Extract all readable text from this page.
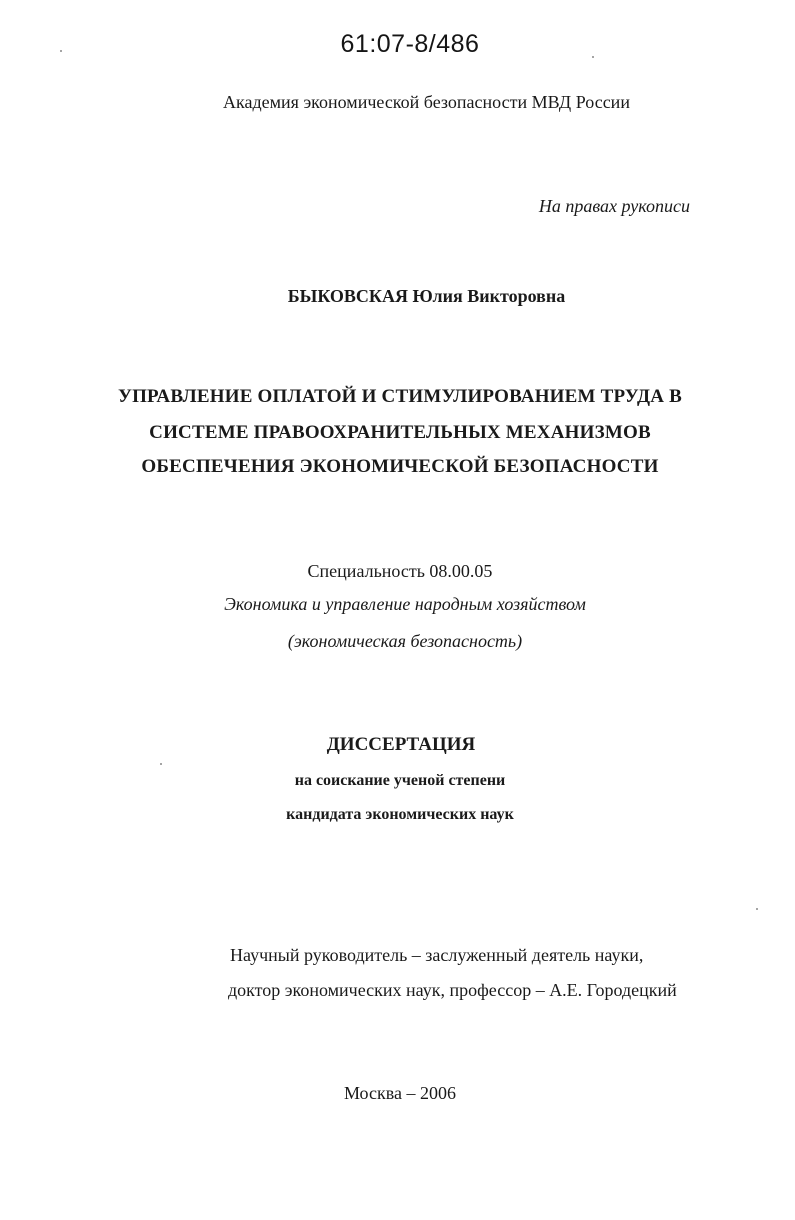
61:07-8/486
Академия экономической безопасности МВД России
На правах рукописи
БЫКОВСКАЯ Юлия Викторовна
УПРАВЛЕНИЕ ОПЛАТОЙ И СТИМУЛИРОВАНИЕМ ТРУДА В
СИСТЕМЕ ПРАВООХРАНИТЕЛЬНЫХ МЕХАНИЗМОВ
ОБЕСПЕЧЕНИЯ ЭКОНОМИЧЕСКОЙ БЕЗОПАСНОСТИ
Специальность 08.00.05
Экономика и управление народным хозяйством
(экономическая безопасность)
ДИССЕРТАЦИЯ
на соискание ученой степени
кандидата экономических наук
Научный руководитель – заслуженный деятель науки,
доктор экономических наук, профессор – А.Е. Городецкий
Москва – 2006
